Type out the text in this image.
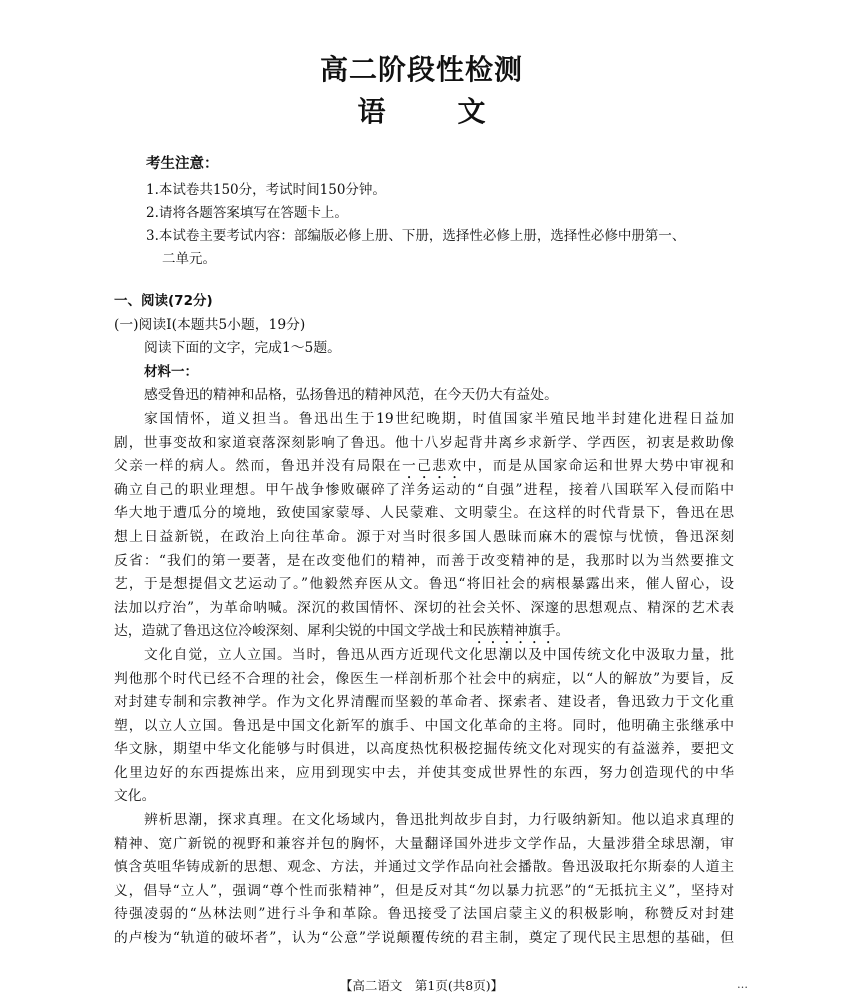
高二阶段性检测
语	文
考生注意：
1.本试卷共150分，考试时间150分钟。
2.请将各题答案填写在答题卡上。
3.本试卷主要考试内容：部编版必修上册、下册，选择性必修上册，选择性必修中册第一、
二单元。
一、阅读(72分)
(一)阅读Ⅰ(本题共5小题，19分)
阅读下面的文字，完成1～5题。
材料一：
感受鲁迅的精神和品格，弘扬鲁迅的精神风范，在今天仍大有益处。
家国情怀，道义担当。鲁迅出生于19世纪晚期，时值国家半殖民地半封建化进程日益加
剧，世事变故和家道衰落深刻影响了鲁迅。他十八岁起背井离乡求新学、学西医，初衷是救助像
父亲一样的病人。然而，鲁迅并没有局限在一己悲欢中，而是从国家命运和世界大势中审视和
确立自己的职业理想。甲午战争惨败碾碎了洋务运动的“自强”进程，接着八国联军入侵而陷中
华大地于遭瓜分的境地，致使国家蒙辱、人民蒙难、文明蒙尘。在这样的时代背景下，鲁迅在思
想上日益新锐，在政治上向往革命。源于对当时很多国人愚昧而麻木的震惊与忧愤，鲁迅深刻
反省：“我们的第一要著，是在改变他们的精神，而善于改变精神的是，我那时以为当然要推文
艺，于是想提倡文艺运动了。”他毅然弃医从文。鲁迅“将旧社会的病根暴露出来，催人留心，设
法加以疗治”，为革命呐喊。深沉的救国情怀、深切的社会关怀、深邃的思想观点、精深的艺术表
达，造就了鲁迅这位冷峻深刻、犀利尖锐的中国文学战士和民族精神旗手。
文化自觉，立人立国。当时，鲁迅从西方近现代文化思潮以及中国传统文化中汲取力量，批
判他那个时代已经不合理的社会，像医生一样剖析那个社会中的病症，以“人的解放”为要旨，反
对封建专制和宗教神学。作为文化界清醒而坚毅的革命者、探索者、建设者，鲁迅致力于文化重
塑，以立人立国。鲁迅是中国文化新军的旗手、中国文化革命的主将。同时，他明确主张继承中
华文脉，期望中华文化能够与时俱进，以高度热忱积极挖掘传统文化对现实的有益滋养，要把文
化里边好的东西提炼出来，应用到现实中去，并使其变成世界性的东西，努力创造现代的中华
文化。
辨析思潮，探求真理。在文化场域内，鲁迅批判故步自封，力行吸纳新知。他以追求真理的
精神、宽广新锐的视野和兼容并包的胸怀，大量翻译国外进步文学作品，大量涉猎全球思潮，审
慎含英咀华铸成新的思想、观念、方法，并通过文学作品向社会播散。鲁迅汲取托尔斯泰的人道主
义，倡导“立人”，强调“尊个性而张精神”，但是反对其“勿以暴力抗恶”的“无抵抗主义”，坚持对
待强凌弱的“丛林法则”进行斗争和革除。鲁迅接受了法国启蒙主义的积极影响，称赞反对封建
的卢梭为“轨道的破坏者”，认为“公意”学说颠覆传统的君主制，奠定了现代民主思想的基础，但
【高二语文　第1页(共8页)】	…
